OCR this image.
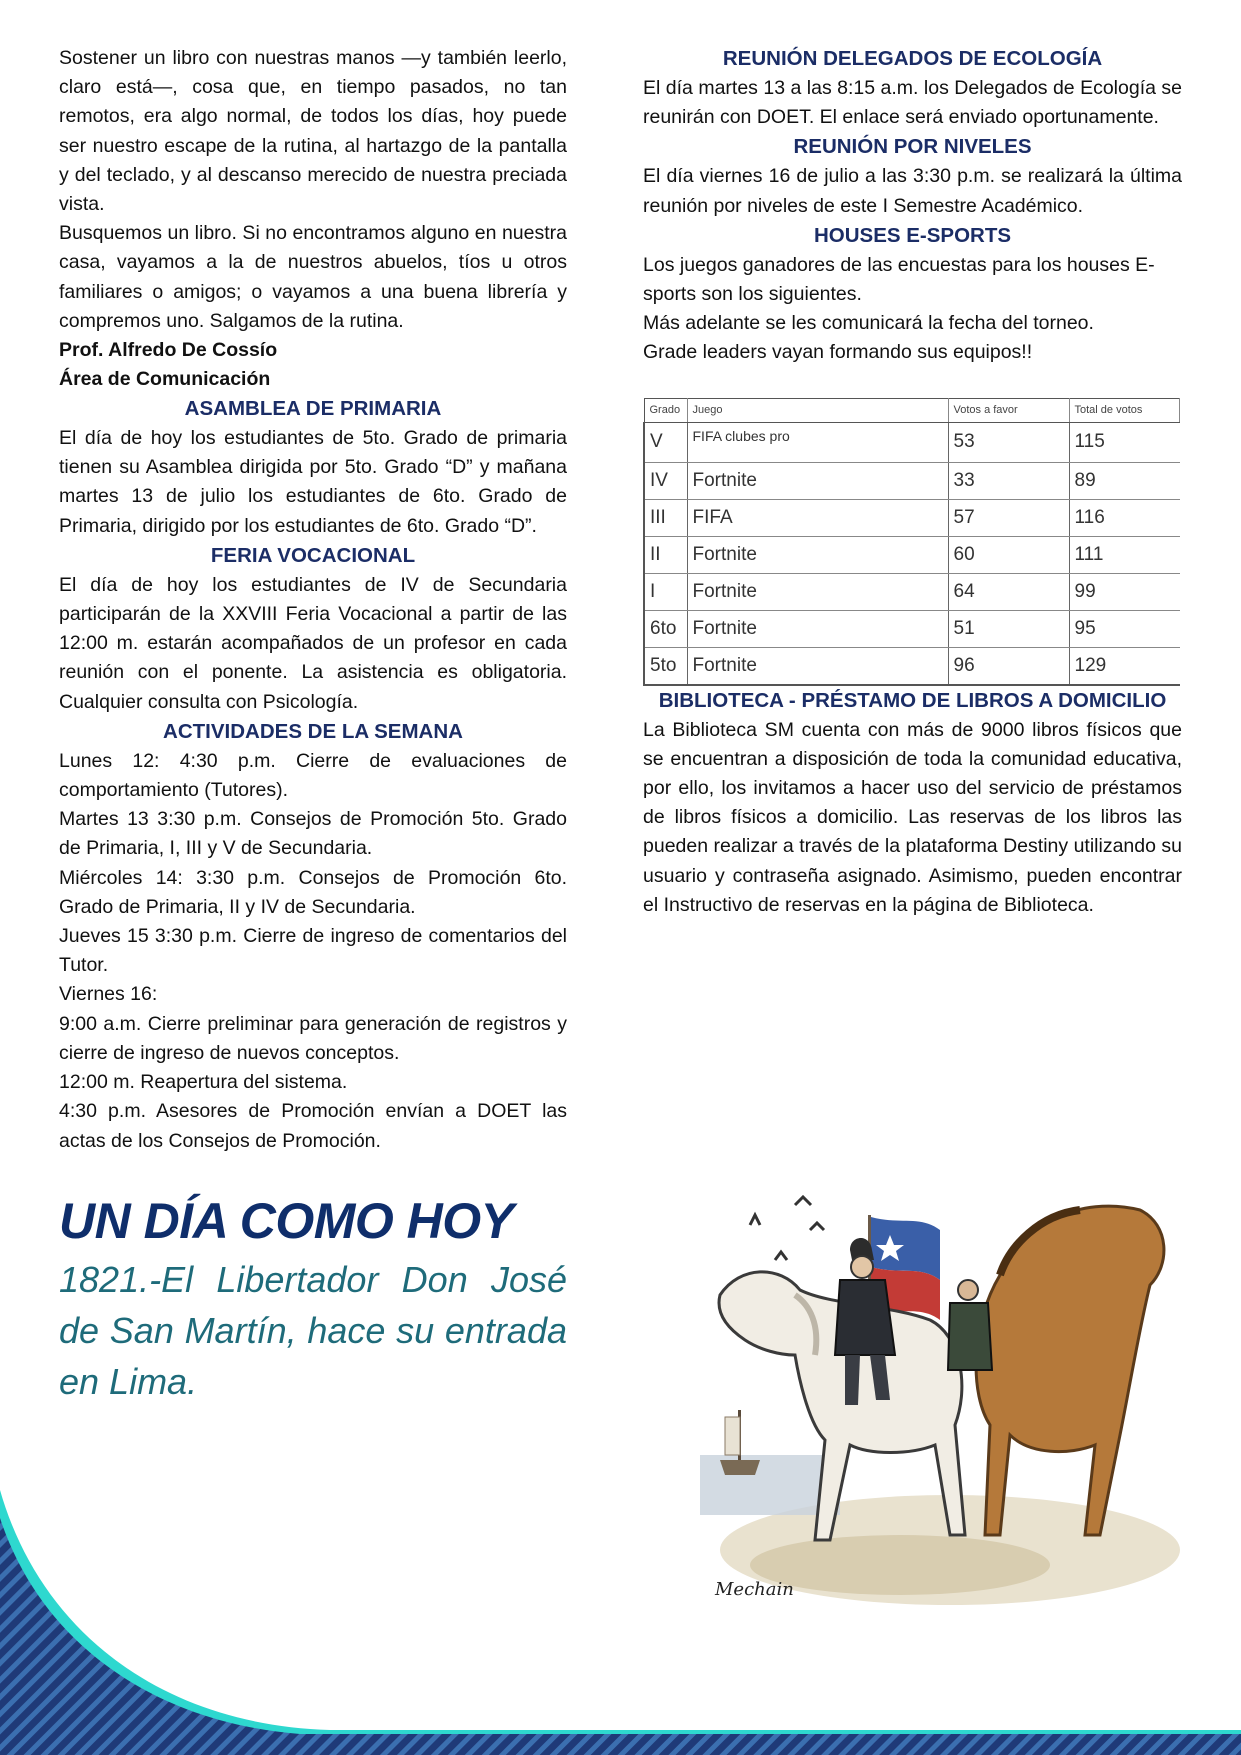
Sostener un libro con nuestras manos —y también leerlo, claro está—, cosa que, en tiempo pasados, no tan remotos, era algo normal, de todos los días, hoy puede ser nuestro escape de la rutina, al hartazgo de la pantalla y del teclado, y al descanso merecido de nuestra preciada vista.

Busquemos un libro. Si no encontramos alguno en nuestra casa, vayamos a la de nuestros abuelos, tíos u otros familiares o amigos; o vayamos a una buena librería y compremos uno. Salgamos de la rutina.

Prof. Alfredo De Cossío

Área de Comunicación

ASAMBLEA DE PRIMARIA

El día de hoy los estudiantes de 5to. Grado de primaria tienen su Asamblea dirigida por 5to. Grado “D” y mañana martes 13 de julio los estudiantes de 6to. Grado de Primaria, dirigido por los estudiantes de 6to. Grado “D”.

FERIA VOCACIONAL

El día de hoy los estudiantes de IV de Secundaria participarán de la XXVIII Feria Vocacional a partir de las 12:00 m. estarán acompañados de un profesor en cada reunión con el ponente. La asistencia es obligatoria. Cualquier consulta con Psicología.

ACTIVIDADES DE LA SEMANA

Lunes 12: 4:30 p.m. Cierre de evaluaciones de comportamiento (Tutores).

Martes 13 3:30 p.m. Consejos de Promoción 5to. Grado de Primaria, I, III y V de Secundaria.

Miércoles 14: 3:30 p.m. Consejos de Promoción 6to. Grado de Primaria, II y IV de Secundaria.

Jueves 15 3:30 p.m. Cierre de ingreso de comentarios del Tutor.

Viernes 16:

9:00 a.m. Cierre preliminar para generación de registros y cierre de ingreso de nuevos conceptos.

12:00 m. Reapertura del sistema.

4:30 p.m. Asesores de Promoción envían a DOET las actas de los Consejos de Promoción.

UN DÍA COMO HOY
1821.-El Libertador Don José de San Martín, hace su entrada en Lima.
REUNIÓN DELEGADOS DE ECOLOGÍA

El día martes 13 a las 8:15 a.m. los Delegados de Ecología se reunirán con DOET. El enlace será enviado oportunamente.

REUNIÓN POR NIVELES

El día viernes 16 de julio a las 3:30 p.m. se realizará la última reunión por niveles de este I Semestre Académico.

HOUSES E-SPORTS

Los juegos ganadores de las encuestas para los houses E-sports son los siguientes.

Más adelante se les comunicará la fecha del torneo.

Grade leaders vayan formando sus equipos!!

Grado	Juego	Votos a favor	Total de votos
V	FIFA clubes pro	53	115
IV	Fortnite	33	89
III	FIFA	57	116
II	Fortnite	60	111
I	Fortnite	64	99
6to	Fortnite	51	95
5to	Fortnite	96	129
BIBLIOTECA - PRÉSTAMO DE LIBROS A DOMICILIO

La Biblioteca SM cuenta con más de 9000 libros físicos que se encuentran a disposición de toda la comunidad educativa, por ello, los invitamos a hacer uso del servicio de préstamos de libros físicos a domicilio. Las reservas de los libros las pueden realizar a través de la plataforma Destiny utilizando su usuario y contraseña asignado. Asimismo, pueden encontrar el Instructivo de reservas en la página de Biblioteca.

Mechain
